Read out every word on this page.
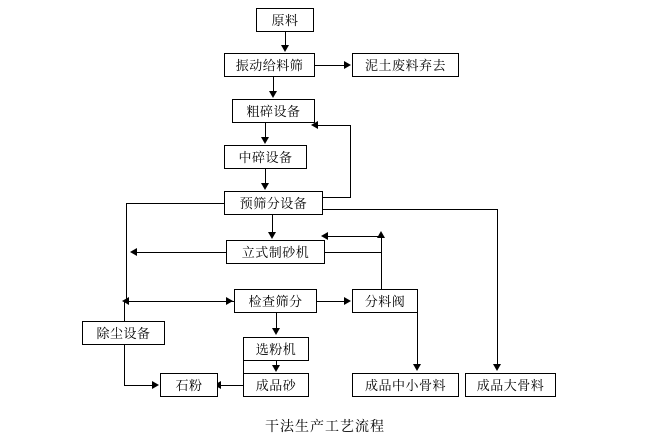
原料
振动给料筛	泥土废料弃去
粗碎设备
中碎设备
预筛分设备
立式制砂机
检查筛分	分料阀
除尘设备
选粉机
石粉	成品砂	成品中小骨料	成品大骨料
干法生产工艺流程
